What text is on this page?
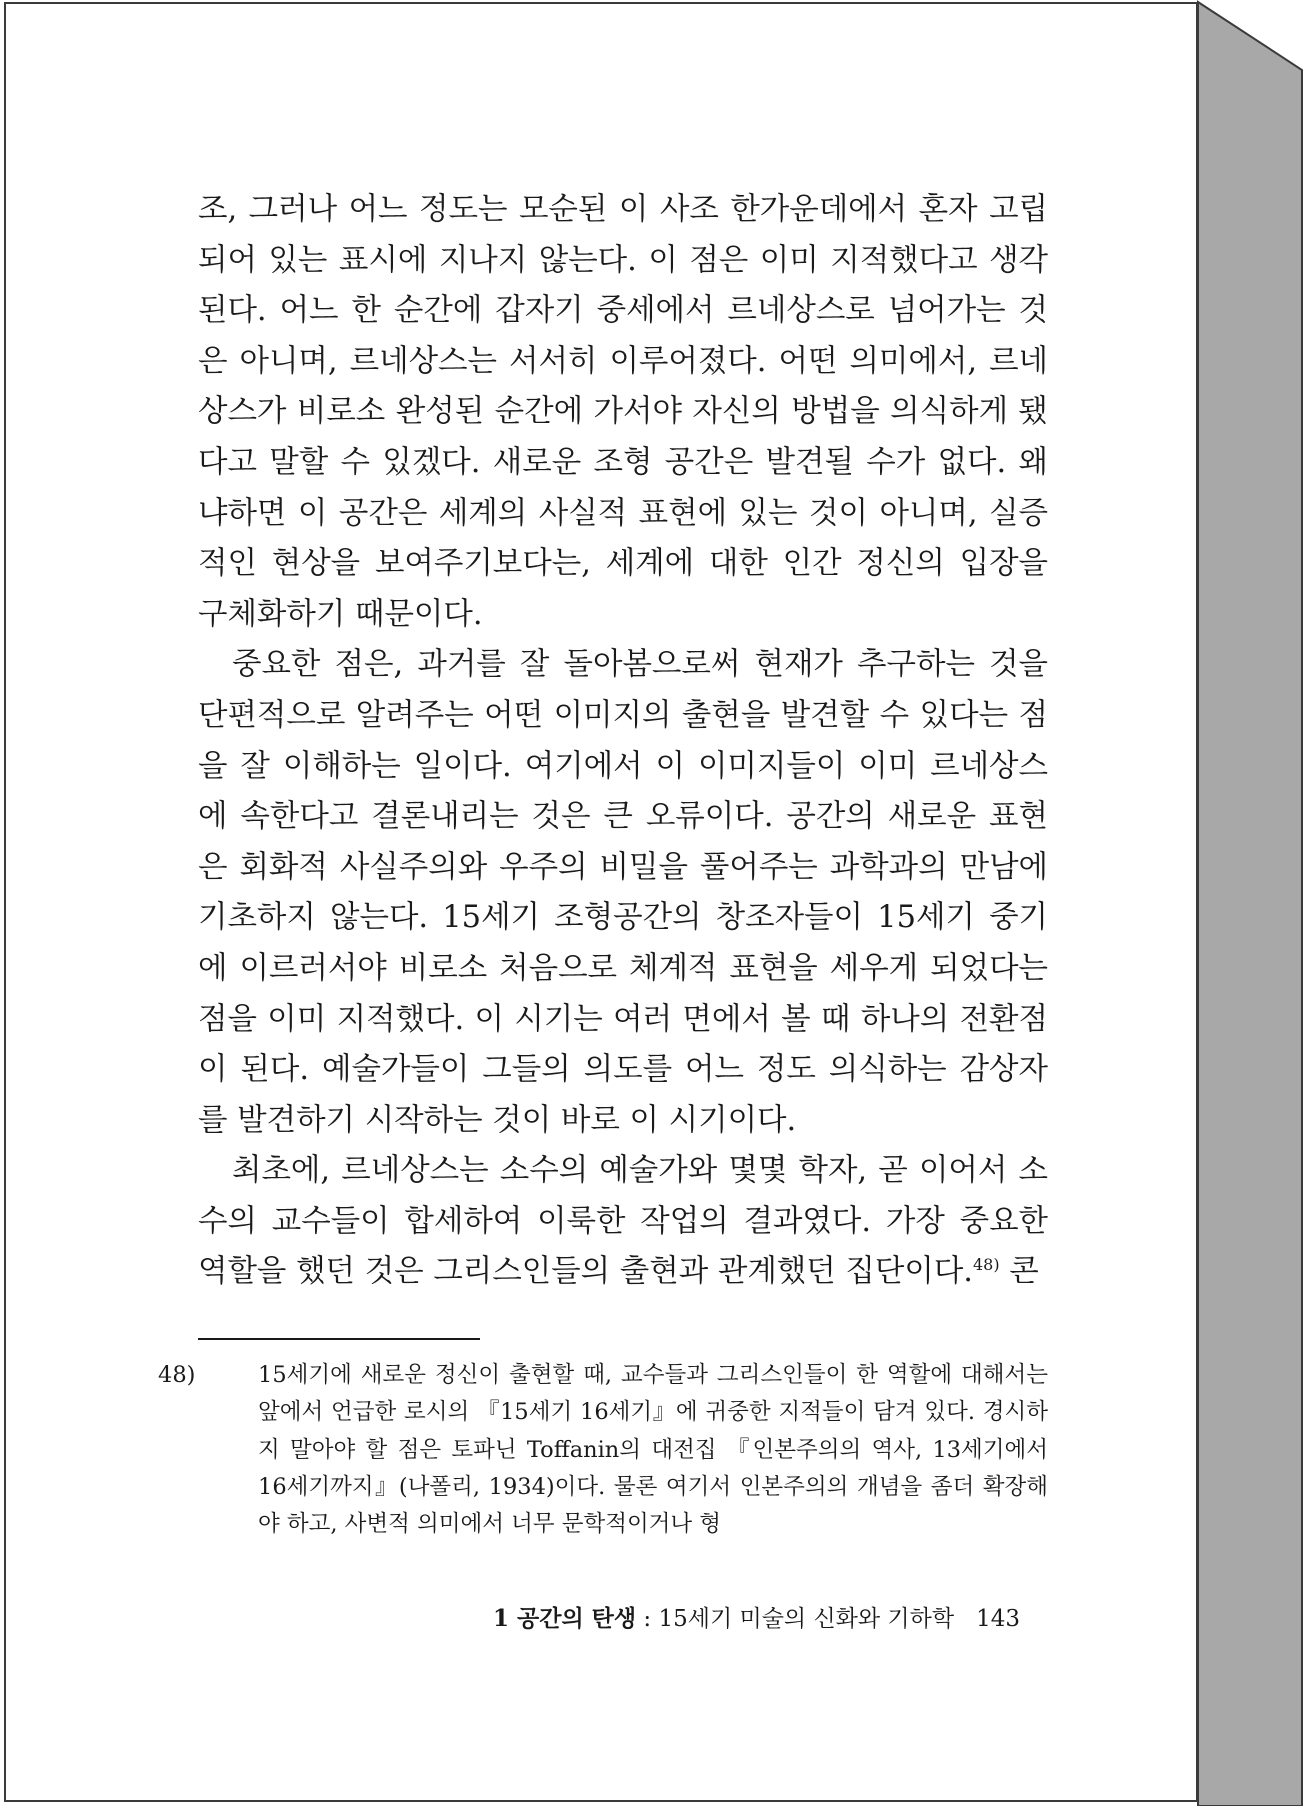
조, 그러나 어느 정도는 모순된 이 사조 한가운데에서 혼자 고립되어 있는 표시에 지나지 않는다. 이 점은 이미 지적했다고 생각된다. 어느 한 순간에 갑자기 중세에서 르네상스로 넘어가는 것은 아니며, 르네상스는 서서히 이루어졌다. 어떤 의미에서, 르네상스가 비로소 완성된 순간에 가서야 자신의 방법을 의식하게 됐다고 말할 수 있겠다. 새로운 조형 공간은 발견될 수가 없다. 왜냐하면 이 공간은 세계의 사실적 표현에 있는 것이 아니며, 실증적인 현상을 보여주기보다는, 세계에 대한 인간 정신의 입장을 구체화하기 때문이다.

중요한 점은, 과거를 잘 돌아봄으로써 현재가 추구하는 것을 단편적으로 알려주는 어떤 이미지의 출현을 발견할 수 있다는 점을 잘 이해하는 일이다. 여기에서 이 이미지들이 이미 르네상스에 속한다고 결론내리는 것은 큰 오류이다. 공간의 새로운 표현은 회화적 사실주의와 우주의 비밀을 풀어주는 과학과의 만남에 기초하지 않는다. 15세기 조형공간의 창조자들이 15세기 중기에 이르러서야 비로소 처음으로 체계적 표현을 세우게 되었다는 점을 이미 지적했다. 이 시기는 여러 면에서 볼 때 하나의 전환점이 된다. 예술가들이 그들의 의도를 어느 정도 의식하는 감상자를 발견하기 시작하는 것이 바로 이 시기이다.

최초에, 르네상스는 소수의 예술가와 몇몇 학자, 곧 이어서 소수의 교수들이 합세하여 이룩한 작업의 결과였다. 가장 중요한 역할을 했던 것은 그리스인들의 출현과 관계했던 집단이다.$^{48)}$ 콘

48)	15세기에 새로운 정신이 출현할 때, 교수들과 그리스인들이 한 역할에 대해서는 앞에서 언급한 로시의 『15세기 16세기』에 귀중한 지적들이 담겨 있다. 경시하지 말아야 할 점은 토파닌 Toffanin의 대전집 『인본주의의 역사, 13세기에서 16세기까지』(나폴리, 1934)이다. 물론 여기서 인본주의의 개념을 좀더 확장해야 하고, 사변적 의미에서 너무 문학적이거나 형
1 공간의 탄생 : 15세기 미술의 신화와 기하학 143
